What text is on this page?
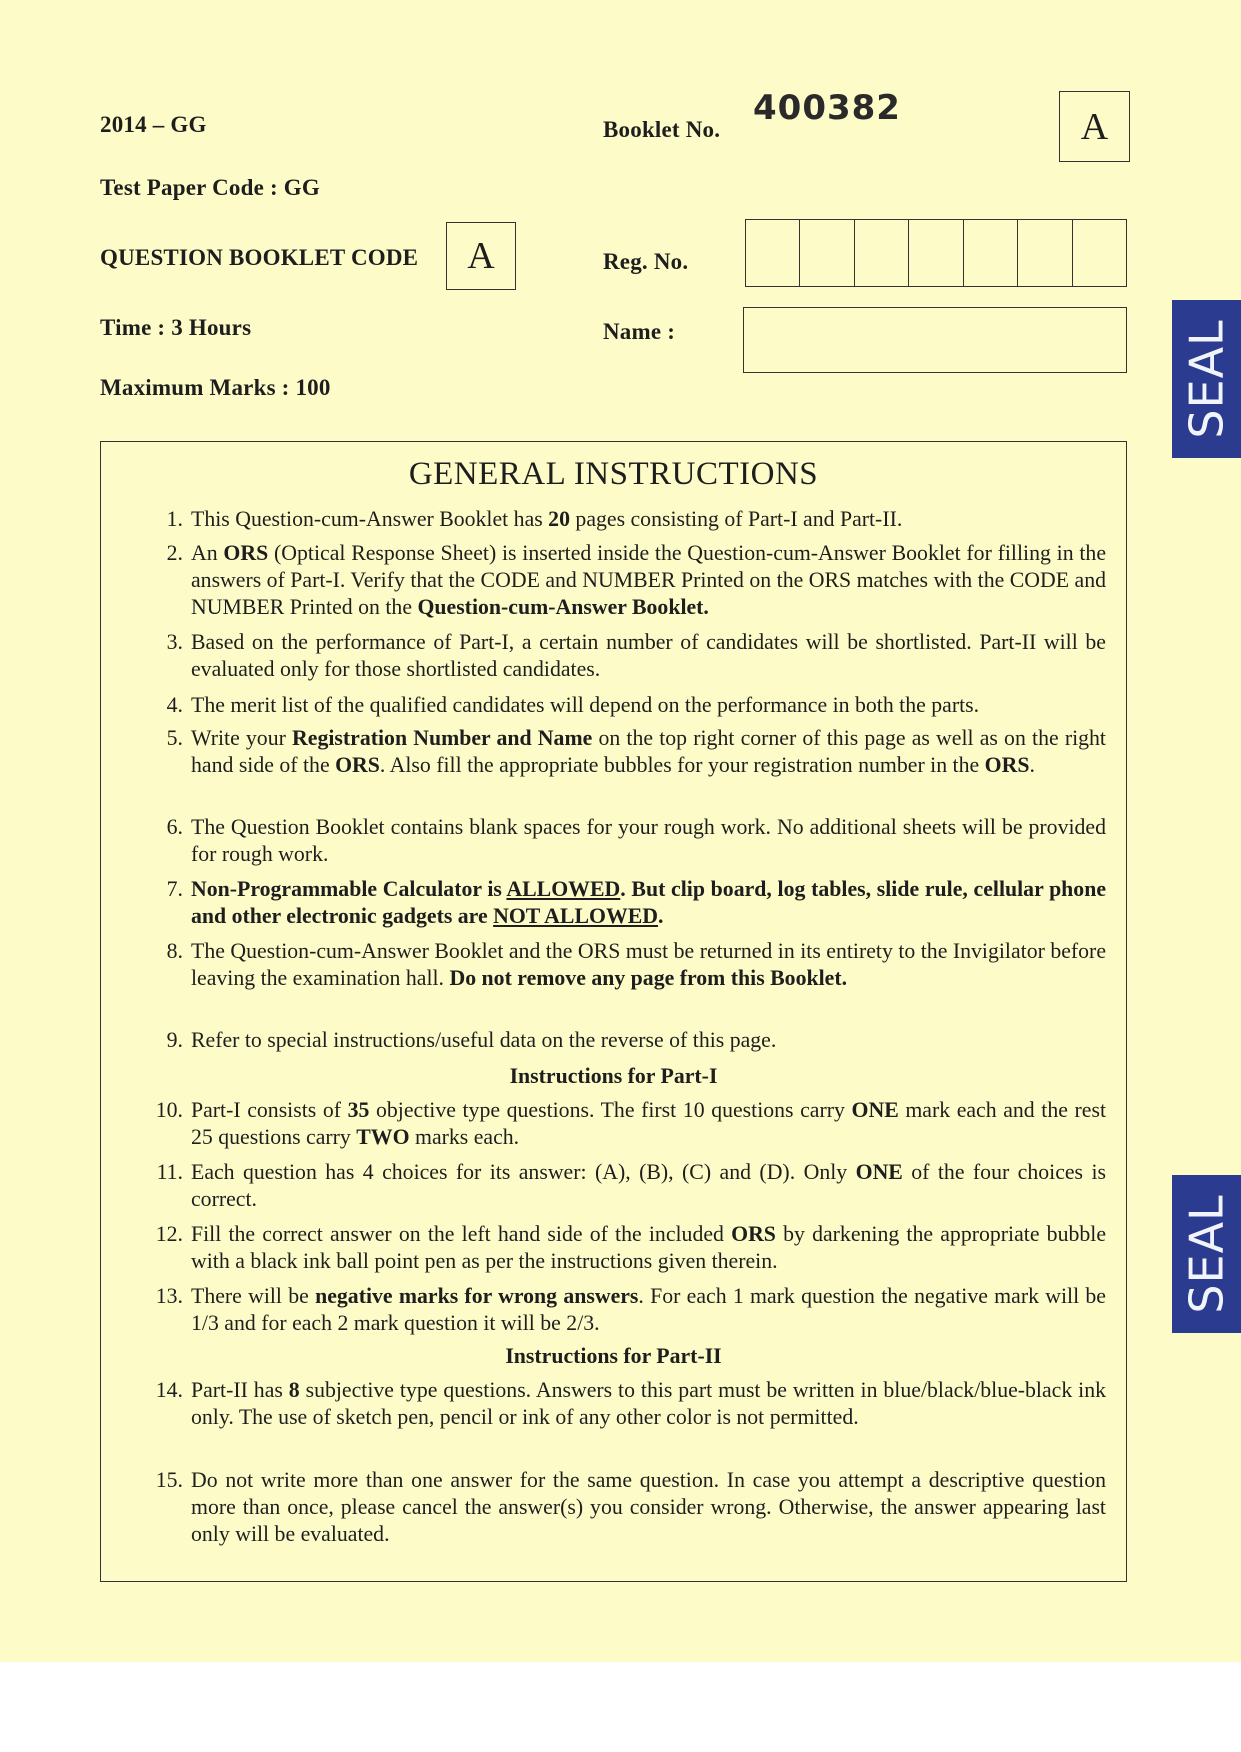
2014 – GG	Booklet No.
400382	A
Test Paper Code : GG
QUESTION BOOKLET CODE A	Reg. No.
Time : 3 Hours	Name :
Maximum Marks : 100	SEAL
SEAL
GENERAL INSTRUCTIONS
1. This Question-cum-Answer Booklet has 20 pages consisting of Part-I and Part-II.
2. An ORS (Optical Response Sheet) is inserted inside the Question-cum-Answer Booklet for filling in the answers of Part-I. Verify that the CODE and NUMBER Printed on the ORS matches with the CODE and NUMBER Printed on the Question-cum-Answer Booklet.
3. Based on the performance of Part-I, a certain number of candidates will be shortlisted. Part-II will be evaluated only for those shortlisted candidates.
4. The merit list of the qualified candidates will depend on the performance in both the parts.
5. Write your Registration Number and Name on the top right corner of this page as well as on the right hand side of the ORS. Also fill the appropriate bubbles for your registration number in the ORS.
6. The Question Booklet contains blank spaces for your rough work. No additional sheets will be provided for rough work.
7. Non-Programmable Calculator is ALLOWED. But clip board, log tables, slide rule, cellular phone and other electronic gadgets are NOT ALLOWED.
8. The Question-cum-Answer Booklet and the ORS must be returned in its entirety to the Invigilator before leaving the examination hall. Do not remove any page from this Booklet.
9. Refer to special instructions/useful data on the reverse of this page.
Instructions for Part-I
10. Part-I consists of 35 objective type questions. The first 10 questions carry ONE mark each and the rest 25 questions carry TWO marks each.
11. Each question has 4 choices for its answer: (A), (B), (C) and (D). Only ONE of the four choices is correct.
12. Fill the correct answer on the left hand side of the included ORS by darkening the appropriate bubble with a black ink ball point pen as per the instructions given therein.
13. There will be negative marks for wrong answers. For each 1 mark question the negative mark will be 1/3 and for each 2 mark question it will be 2/3.
Instructions for Part-II
14. Part-II has 8 subjective type questions. Answers to this part must be written in blue/black/blue-black ink only. The use of sketch pen, pencil or ink of any other color is not permitted.
15. Do not write more than one answer for the same question. In case you attempt a descriptive question more than once, please cancel the answer(s) you consider wrong. Otherwise, the answer appearing last only will be evaluated.
